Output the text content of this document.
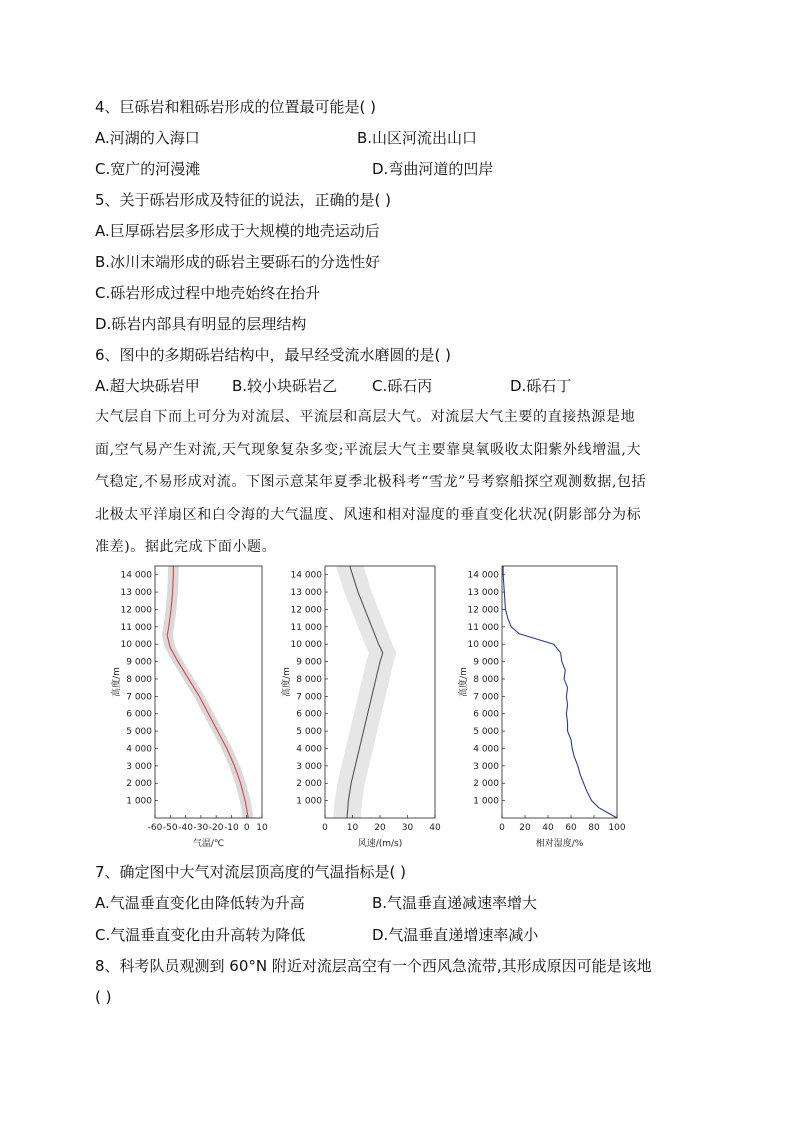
4、巨砾岩和粗砾岩形成的位置最可能是( )
A.河湖的入海口	B.山区河流出山口
C.宽广的河漫滩	D.弯曲河道的凹岸
5、关于砾岩形成及特征的说法，正确的是( )
A.巨厚砾岩层多形成于大规模的地壳运动后
B.冰川末端形成的砾岩主要砾石的分选性好
C.砾岩形成过程中地壳始终在抬升
D.砾岩内部具有明显的层理结构
6、图中的多期砾岩结构中，最早经受流水磨圆的是( )
A.超大块砾岩甲 B.较小块砾岩乙 C.砾石丙	D.砾石丁
大气层自下而上可分为对流层、平流层和高层大气。对流层大气主要的直接热源是地
面,空气易产生对流,天气现象复杂多变;平流层大气主要靠臭氧吸收太阳紫外线增温,大
气稳定,不易形成对流。下图示意某年夏季北极科考“雪龙”号考察船探空观测数据,包括
北极太平洋扇区和白令海的大气温度、风速和相对湿度的垂直变化状况(阴影部分为标
准差)。据此完成下面小题。
1 000
2 000
3 000
4 000
5 000
6 000
7 000
8 000
9 000
10 000
11 000
12 000
13 000
14 000
-60 -50 -40 -30 -20 -10 0 10
气温/℃
高度/m
1 000
2 000
3 000
4 000
5 000
6 000
7 000
8 000
9 000
10 000
11 000
12 000
13 000
14 000
0 10 20 30 40
风速/(m/s)
高度/m
1 000
2 000
3 000
4 000
5 000
6 000
7 000
8 000
9 000
10 000
11 000
12 000
13 000
14 000
0 20 40 60 80 100
相对湿度/%
高度/m
7、确定图中大气对流层顶高度的气温指标是( )
A.气温垂直变化由降低转为升高	B.气温垂直递减速率增大
C.气温垂直变化由升高转为降低	D.气温垂直递增速率减小
8、科考队员观测到 60°N 附近对流层高空有一个西风急流带,其形成原因可能是该地
( )
